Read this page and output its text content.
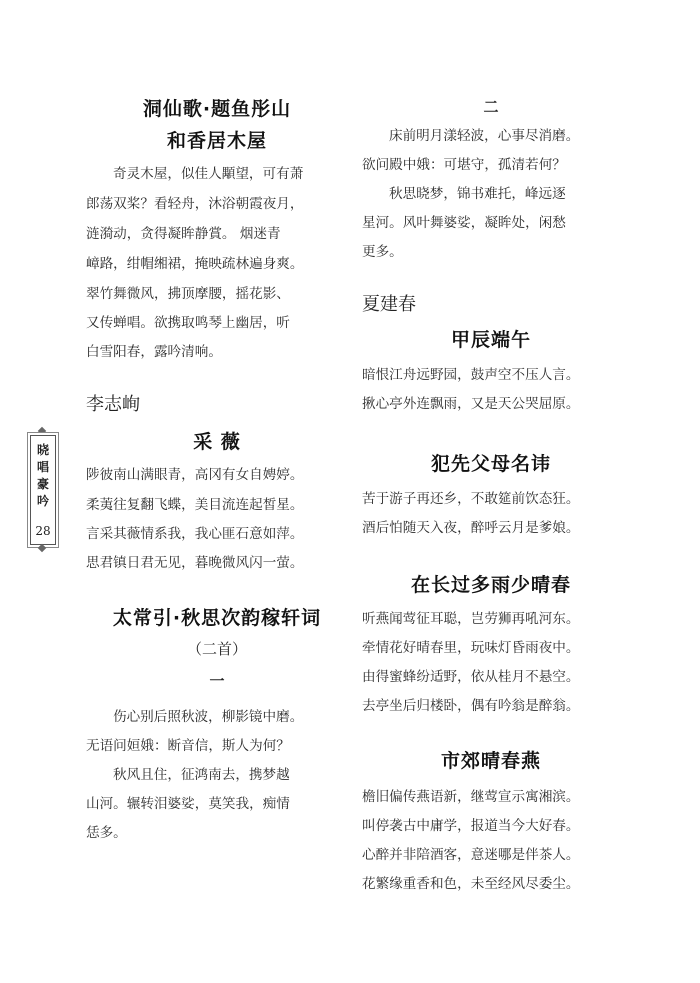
晓
唱
豪
吟
28
洞仙歌·题鱼彤山
和香居木屋
奇灵木屋，似佳人顒望，可有萧
郎荡双桨？看轻舟，沐浴朝霞夜月，
涟漪动，贪得凝眸静賞。 烟迷青
嶂路，绀帽缃裙，掩映疏林遍身爽。
翠竹舞微风，拂顶摩腰，摇花影、
又传蝉唱。欲携取鸣琴上幽居，听
白雪阳春，露吟清响。
李志峋
采 薇
陟彼南山满眼青，高冈有女自娉婷。
柔荑往复翻飞蝶，美目流连起皙星。
言采其薇情系我，我心匪石意如萍。
思君镇日君无见，暮晚微风闪一萤。
太常引·秋思次韵稼轩词
（二首）
一
伤心别后照秋波，柳影镜中磨。
无语问姮娥：断音信，斯人为何？
秋风且住，征鸿南去，携梦越
山河。辗转泪婆娑，莫笑我，痴情
恁多。
二
床前明月漾轻波，心事尽消磨。
欲问殿中娥：可堪守，孤清若何？
秋思晓梦，锦书难托，峰远逐
星河。风叶舞婆娑，凝眸处，闲愁
更多。
夏建春
甲辰端午
暗恨江舟远野园，鼓声空不压人言。
揪心亭外连飘雨，又是天公哭屈原。
犯先父母名讳
苦于游子再还乡，不敢筵前饮态狂。
酒后怕随天入夜，醉呼云月是爹娘。
在长过多雨少晴春
听燕闻莺征耳聪，岂劳狮再吼河东。
牵情花好晴春里，玩味灯昏雨夜中。
由得蜜蜂纷适野，依从桂月不悬空。
去亭坐后归楼卧，偶有吟翁是醉翁。
市郊晴春燕
檐旧偏传燕语新，继莺宣示寓湘滨。
叫停袭古中庸学，报道当今大好春。
心醉并非陪酒客，意迷哪是伴茶人。
花繁缘重香和色，未至经风尽委尘。
